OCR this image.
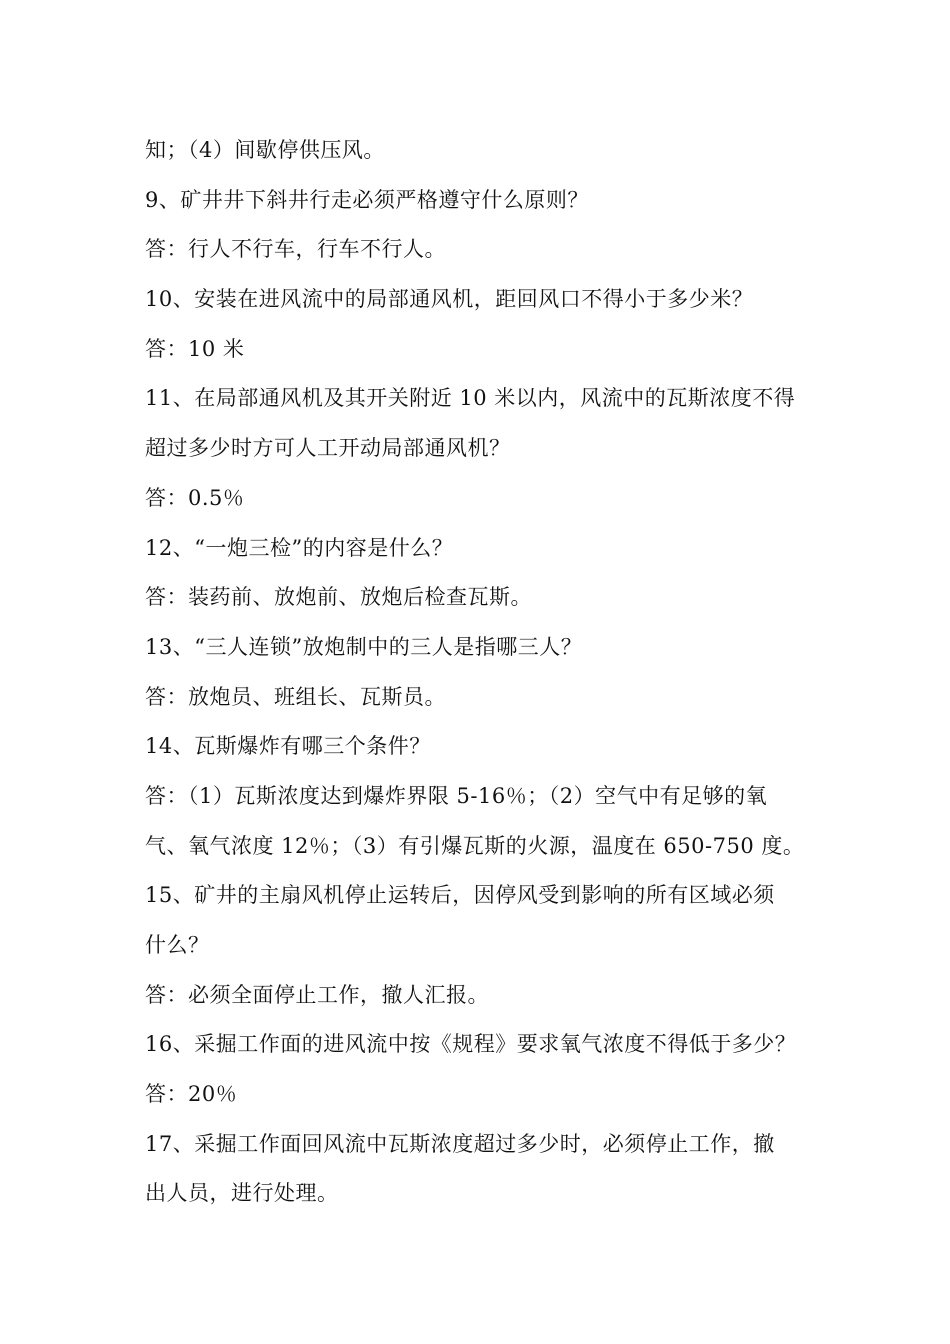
知；（4）间歇停供压风。
9、矿井井下斜井行走必须严格遵守什么原则？
答：行人不行车，行车不行人。
10、安装在进风流中的局部通风机，距回风口不得小于多少米？
答：10 米
11、在局部通风机及其开关附近 10 米以内，风流中的瓦斯浓度不得
超过多少时方可人工开动局部通风机？
答：0.5％
12、“一炮三检”的内容是什么？
答：装药前、放炮前、放炮后检查瓦斯。
13、“三人连锁”放炮制中的三人是指哪三人？
答：放炮员、班组长、瓦斯员。
14、瓦斯爆炸有哪三个条件？
答：（1）瓦斯浓度达到爆炸界限 5-16％；（2）空气中有足够的氧
气、氧气浓度 12％；（3）有引爆瓦斯的火源，温度在 650-750 度。
15、矿井的主扇风机停止运转后，因停风受到影响的所有区域必须
什么？
答：必须全面停止工作，撤人汇报。
16、采掘工作面的进风流中按《规程》要求氧气浓度不得低于多少？
答：20％
17、采掘工作面回风流中瓦斯浓度超过多少时，必须停止工作，撤
出人员，进行处理。
